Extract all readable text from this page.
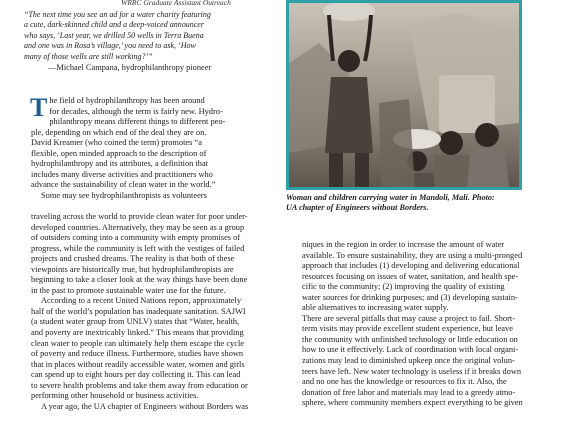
WRRC Graduate Assistant Outreach
“The next time you see an ad for a water charity featuring
a cute, dark-skinned child and a deep-voiced announcer
who says, ‘Last year, we drilled 50 wells in Terra Buena
and one was in Rosa’s village,’ you need to ask, ‘How
many of those wells are still working?’”
—Michael Campana, hydrophilanthropy pioneer
T he field of hydrophilanthropy has been around
for decades, although the term is fairly new. Hydro-
philanthropy means different things to different peo-
ple, depending on which end of the deal they are on.
David Kreamer (who coined the term) promotes “a
flexible, open minded approach to the description of
hydrophilanthropy and its attributes, a definition that
includes many diverse activities and practitioners who
advance the sustainability of clean water in the world.”
Some may see hydrophilanthropists as volunteers
traveling across the world to provide clean water for poor under-
developed countries. Alternatively, they may be seen as a group
of outsiders coming into a community with empty promises of
progress, while the community is left with the vestiges of failed
projects and crushed dreams. The reality is that both of these
viewpoints are historically true, but hydrophilanthropists are
beginning to take a closer look at the way things have been done
in the past to promote sustainable water use for the future.
According to a recent United Nations report, approximately
half of the world’s population has inadequate sanitation. SAJWI
(a student water group from UNLV) states that “Water, health,
and poverty are inextricably linked.” This means that providing
clean water to people can ultimately help them escape the cycle
of poverty and reduce illness. Furthermore, studies have shown
that in places without readily accessible water, women and girls
can spend up to eight hours per day collecting it. This can lead
to severe health problems and take them away from education or
performing other household or business activities.
A year ago, the UA chapter of Engineers without Borders was
Woman and children carrying water in Mandoli, Mali. Photo:
UA chapter of Engineers without Borders.
niques in the region in order to increase the amount of water
available. To ensure sustainability, they are using a multi-pronged
approach that includes (1) developing and delivering educational
resources focusing on issues of water, sanitation, and health spe-
cific to the community; (2) improving the quality of existing
water sources for drinking purposes; and (3) developing sustain-
able alternatives to increasing water supply.
There are several pitfalls that may cause a project to fail. Short-
term visits may provide excellent student experience, but leave
the community with unfinished technology or little education on
how to use it effectively. Lack of coordination with local organi-
zations may lead to diminished upkeep once the original volun-
teers have left. New water technology is useless if it breaks down
and no one has the knowledge or resources to fix it. Also, the
donation of free labor and materials may lead to a greedy atmo-
sphere, where community members expect everything to be given
